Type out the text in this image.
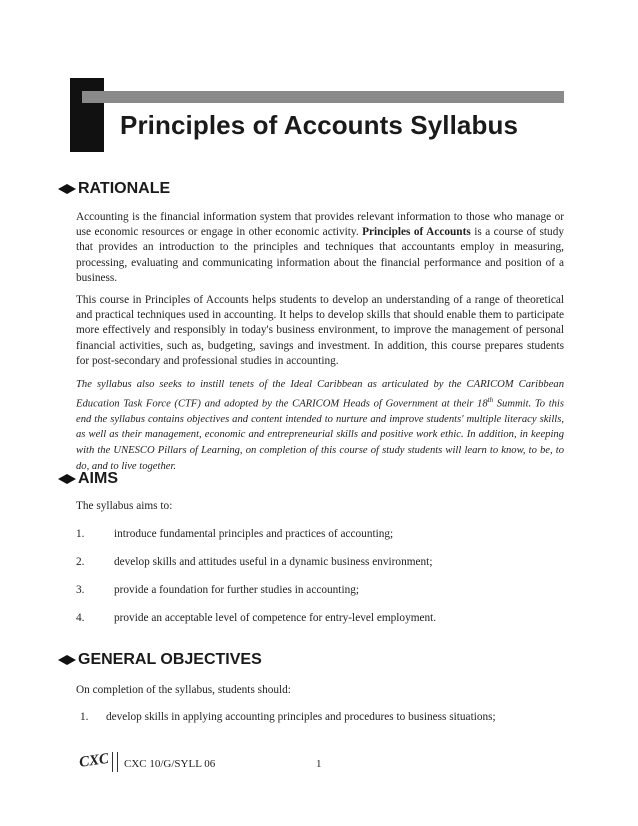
Principles of Accounts Syllabus
RATIONALE

Accounting is the financial information system that provides relevant information to those who manage or use economic resources or engage in other economic activity. Principles of Accounts is a course of study that provides an introduction to the principles and techniques that accountants employ in measuring, processing, evaluating and communicating information about the financial performance and position of a business.

This course in Principles of Accounts helps students to develop an understanding of a range of theoretical and practical techniques used in accounting. It helps to develop skills that should enable them to participate more effectively and responsibly in today's business environment, to improve the management of personal financial activities, such as, budgeting, savings and investment. In addition, this course prepares students for post-secondary and professional studies in accounting.

The syllabus also seeks to instill tenets of the Ideal Caribbean as articulated by the CARICOM Caribbean Education Task Force (CTF) and adopted by the CARICOM Heads of Government at their 18th Summit. To this end the syllabus contains objectives and content intended to nurture and improve students' multiple literacy skills, as well as their management, economic and entrepreneurial skills and positive work ethic. In addition, in keeping with the UNESCO Pillars of Learning, on completion of this course of study students will learn to know, to be, to do, and to live together.

AIMS

The syllabus aims to:

1.	introduce fundamental principles and practices of accounting;
2.	develop skills and attitudes useful in a dynamic business environment;
3.	provide a foundation for further studies in accounting;
4.	provide an acceptable level of competence for entry-level employment.
GENERAL OBJECTIVES

On completion of the syllabus, students should:

1. develop skills in applying accounting principles and procedures to business situations;
CXC CXC 10/G/SYLL 06	1
